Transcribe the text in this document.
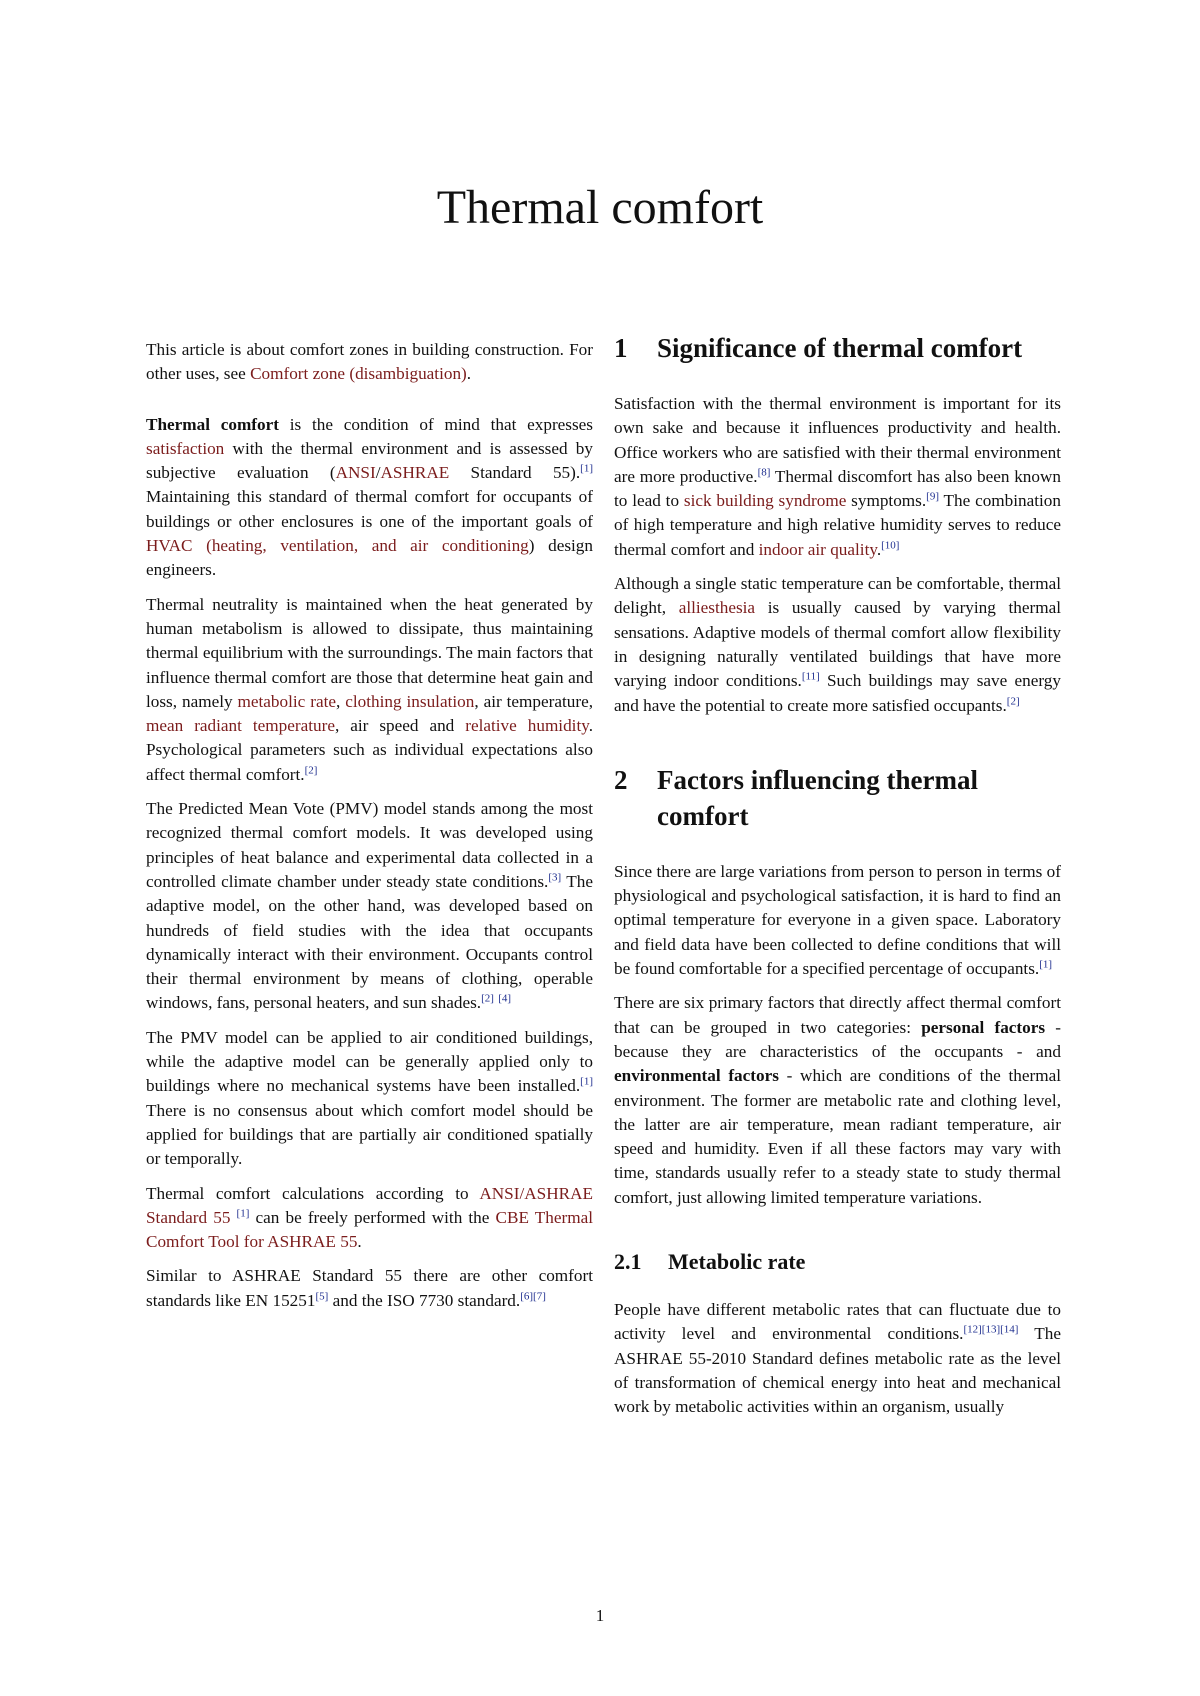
Thermal comfort

This article is about comfort zones in building construction. For other uses, see Comfort zone (disambiguation).

Thermal comfort is the condition of mind that expresses satisfaction with the thermal environment and is assessed by subjective evaluation (ANSI/ASHRAE Standard 55).[1] Maintaining this standard of thermal comfort for occupants of buildings or other enclosures is one of the important goals of HVAC (heating, ventilation, and air conditioning) design engineers.

Thermal neutrality is maintained when the heat generated by human metabolism is allowed to dissipate, thus maintaining thermal equilibrium with the surroundings. The main factors that influence thermal comfort are those that determine heat gain and loss, namely metabolic rate, clothing insulation, air temperature, mean radiant temperature, air speed and relative humidity. Psychological parameters such as individual expectations also affect thermal comfort.[2]

The Predicted Mean Vote (PMV) model stands among the most recognized thermal comfort models. It was developed using principles of heat balance and experimental data collected in a controlled climate chamber under steady state conditions.[3] The adaptive model, on the other hand, was developed based on hundreds of field studies with the idea that occupants dynamically interact with their environment. Occupants control their thermal environment by means of clothing, operable windows, fans, personal heaters, and sun shades.[2] [4]

The PMV model can be applied to air conditioned buildings, while the adaptive model can be generally applied only to buildings where no mechanical systems have been installed.[1] There is no consensus about which comfort model should be applied for buildings that are partially air conditioned spatially or temporally.

Thermal comfort calculations according to ANSI/ASHRAE Standard 55 [1] can be freely performed with the CBE Thermal Comfort Tool for ASHRAE 55.

Similar to ASHRAE Standard 55 there are other comfort standards like EN 15251[5] and the ISO 7730 standard.[6][7]

1	Significance of thermal comfort

Satisfaction with the thermal environment is important for its own sake and because it influences productivity and health. Office workers who are satisfied with their thermal environment are more productive.[8] Thermal discomfort has also been known to lead to sick building syndrome symptoms.[9] The combination of high temperature and high relative humidity serves to reduce thermal comfort and indoor air quality.[10]

Although a single static temperature can be comfortable, thermal delight, alliesthesia is usually caused by varying thermal sensations. Adaptive models of thermal comfort allow flexibility in designing naturally ventilated buildings that have more varying indoor conditions.[11] Such buildings may save energy and have the potential to create more satisfied occupants.[2]

2	Factors influencing thermal comfort

Since there are large variations from person to person in terms of physiological and psychological satisfaction, it is hard to find an optimal temperature for everyone in a given space. Laboratory and field data have been collected to define conditions that will be found comfortable for a specified percentage of occupants.[1]

There are six primary factors that directly affect thermal comfort that can be grouped in two categories: personal factors - because they are characteristics of the occupants - and environmental factors - which are conditions of the thermal environment. The former are metabolic rate and clothing level, the latter are air temperature, mean radiant temperature, air speed and humidity. Even if all these factors may vary with time, standards usually refer to a steady state to study thermal comfort, just allowing limited temperature variations.

2.1	Metabolic rate

People have different metabolic rates that can fluctuate due to activity level and environmental conditions.[12][13][14] The ASHRAE 55-2010 Standard defines metabolic rate as the level of transformation of chemical energy into heat and mechanical work by metabolic activities within an organism, usually

1
